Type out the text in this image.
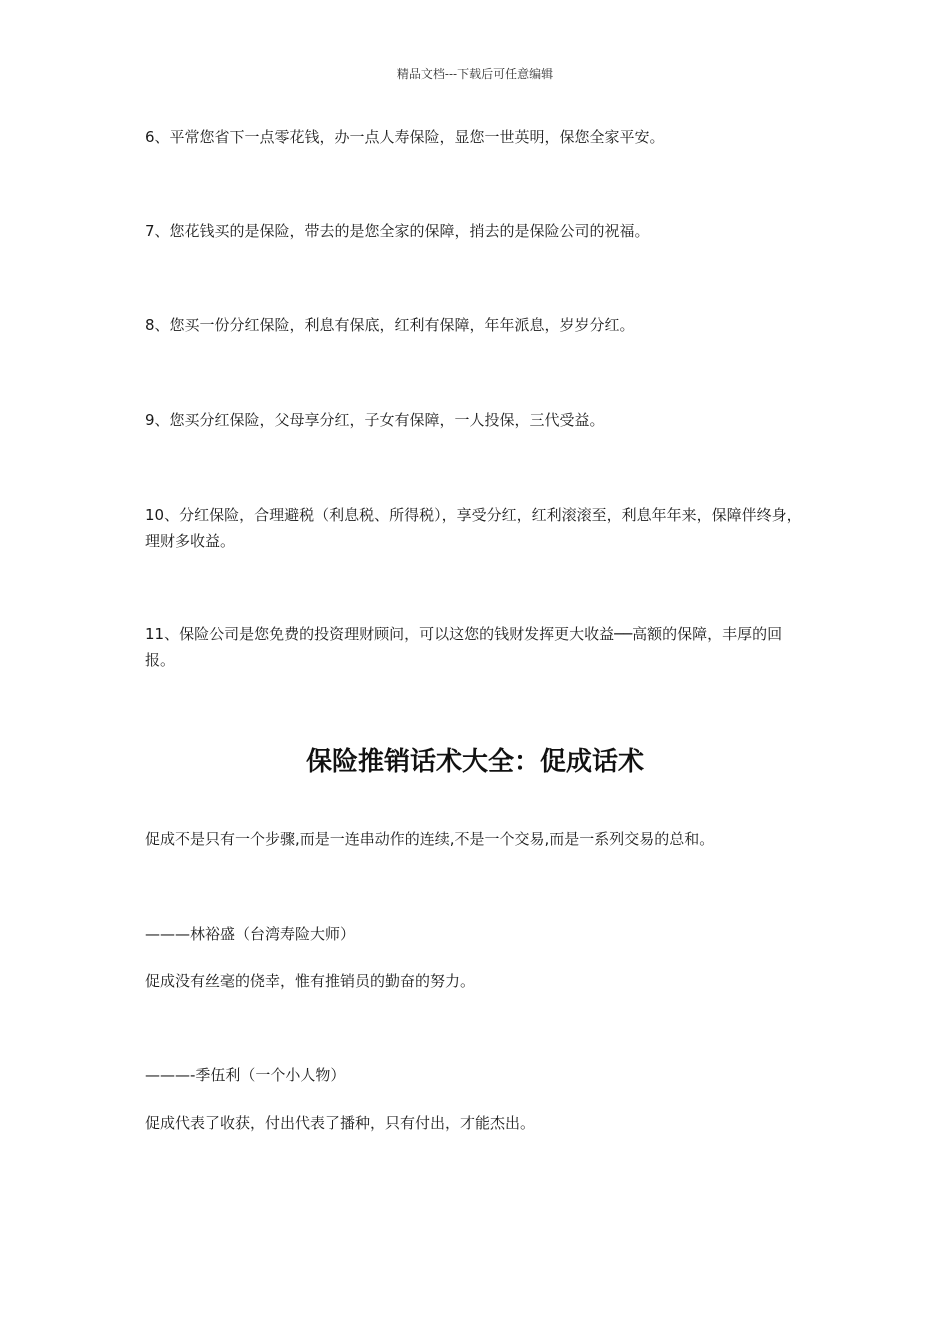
精品文档---下载后可任意编辑

6、平常您省下一点零花钱，办一点人寿保险，显您一世英明，保您全家平安。

7、您花钱买的是保险，带去的是您全家的保障，捎去的是保险公司的祝福。

8、您买一份分红保险，利息有保底，红利有保障，年年派息，岁岁分红。

9、您买分红保险，父母享分红，子女有保障，一人投保，三代受益。

10、分红保险，合理避税（利息税、所得税），享受分红，红利滚滚至，利息年年来，保障伴终身，理财多收益。

11、保险公司是您免费的投资理财顾问，可以这您的钱财发挥更大收益──高额的保障，丰厚的回报。

保险推销话术大全：促成话术

促成不是只有一个步骤,而是一连串动作的连续,不是一个交易,而是一系列交易的总和。

———林裕盛（台湾寿险大师）

促成没有丝毫的侥幸，惟有推销员的勤奋的努力。

———-季伍利（一个小人物）

促成代表了收获，付出代表了播种，只有付出，才能杰出。
